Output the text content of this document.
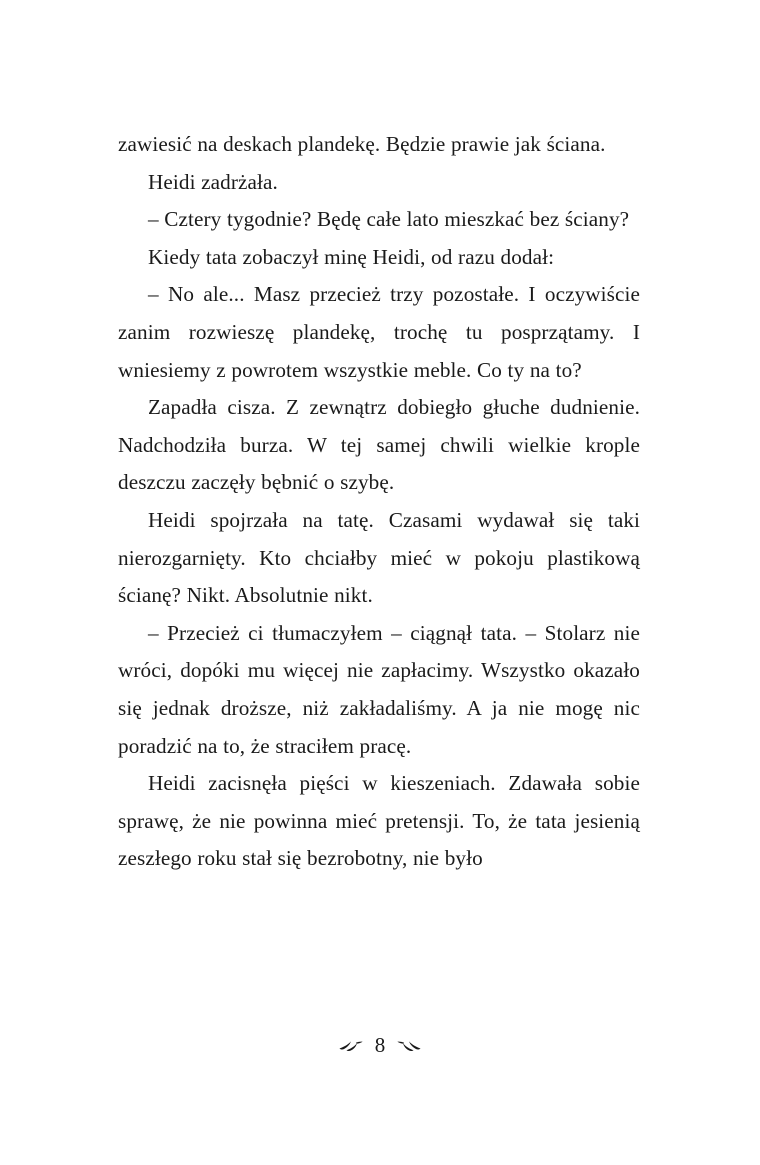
zawiesić na deskach plandekę. Będzie prawie jak ściana.

Heidi zadrżała.

– Cztery tygodnie? Będę całe lato mieszkać bez ściany?

Kiedy tata zobaczył minę Heidi, od razu dodał:

– No ale... Masz przecież trzy pozostałe. I oczywiście zanim rozwieszę plandekę, trochę tu posprzątamy. I wniesiemy z powrotem wszystkie meble. Co ty na to?

Zapadła cisza. Z zewnątrz dobiegło głuche dudnienie. Nadchodziła burza. W tej samej chwili wielkie krople deszczu zaczęły bębnić o szybę.

Heidi spojrzała na tatę. Czasami wydawał się taki nierozgarnięty. Kto chciałby mieć w pokoju plastikową ścianę? Nikt. Absolutnie nikt.

– Przecież ci tłumaczyłem – ciągnął tata. – Stolarz nie wróci, dopóki mu więcej nie zapłacimy. Wszystko okazało się jednak droższe, niż zakładaliśmy. A ja nie mogę nic poradzić na to, że straciłem pracę.

Heidi zacisnęła pięści w kieszeniach. Zdawała sobie sprawę, że nie powinna mieć pretensji. To, że tata jesienią zeszłego roku stał się bezrobotny, nie było

8
